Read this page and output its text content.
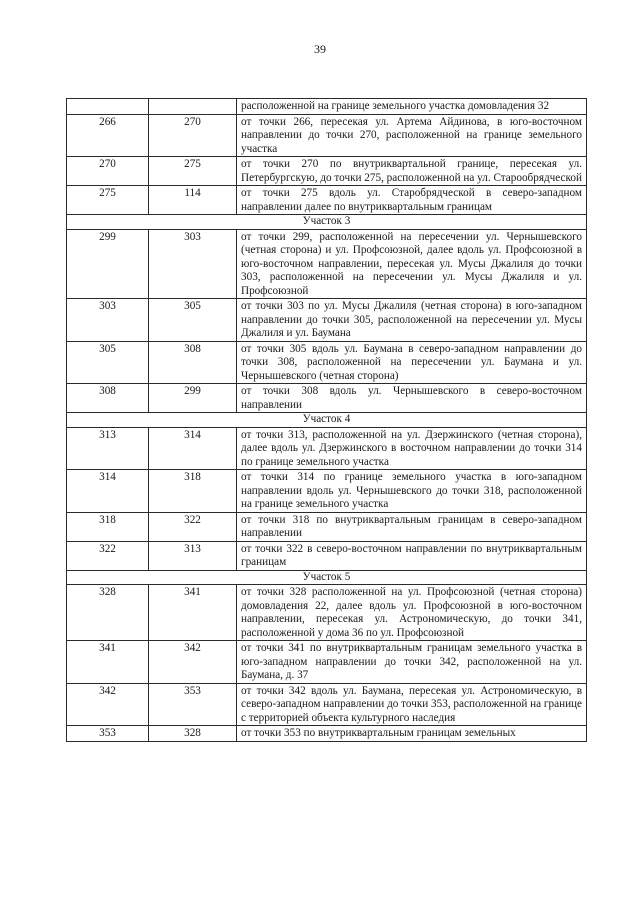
39
		расположенной на границе земельного участка домовладения 32
266	270	от точки 266, пересекая ул. Артема Айдинова, в юго-восточном направлении до точки 270, расположенной на границе земельного участка
270	275	от точки 270 по внутриквартальной границе, пересекая ул. Петербургскую, до точки 275, расположенной на ул. Старообрядческой
275	114	от точки 275 вдоль ул. Старобрядческой в северо-западном направлении далее по внутриквартальным границам
Участок 3		
299	303	от точки 299, расположенной на пересечении ул. Чернышевского (четная сторона) и ул. Профсоюзной, далее вдоль ул. Профсоюзной в юго-восточном направлении, пересекая ул. Мусы Джалиля до точки 303, расположенной на пересечении ул. Мусы Джалиля и ул. Профсоюзной
303	305	от точки 303 по ул. Мусы Джалиля (четная сторона) в юго-западном направлении до точки 305, расположенной на пересечении ул. Мусы Джалиля и ул. Баумана
305	308	от точки 305 вдоль ул. Баумана в северо-западном направлении до точки 308, расположенной на пересечении ул. Баумана и ул. Чернышевского (четная сторона)
308	299	от точки 308 вдоль ул. Чернышевского в северо-восточном направлении
Участок 4		
313	314	от точки 313, расположенной на ул. Дзержинского (четная сторона), далее вдоль ул. Дзержинского в восточном направлении до точки 314 по границе земельного участка
314	318	от точки 314 по границе земельного участка в юго-западном направлении вдоль ул. Чернышевского до точки 318, расположенной на границе земельного участка
318	322	от точки 318 по внутриквартальным границам в северо-западном направлении
322	313	от точки 322 в северо-восточном направлении по внутриквартальным границам
Участок 5		
328	341	от точки 328 расположенной на ул. Профсоюзной (четная сторона) домовладения 22, далее вдоль ул. Профсоюзной в юго-восточном направлении, пересекая ул. Астрономическую, до точки 341, расположенной у дома 36 по ул. Профсоюзной
341	342	от точки 341 по внутриквартальным границам земельного участка в юго-западном направлении до точки 342, расположенной на ул. Баумана, д. 37
342	353	от точки 342 вдоль ул. Баумана, пересекая ул. Астрономическую, в северо-западном направлении до точки 353, расположенной на границе с территорией объекта культурного наследия
353	328	от точки 353 по внутриквартальным границам земельных
